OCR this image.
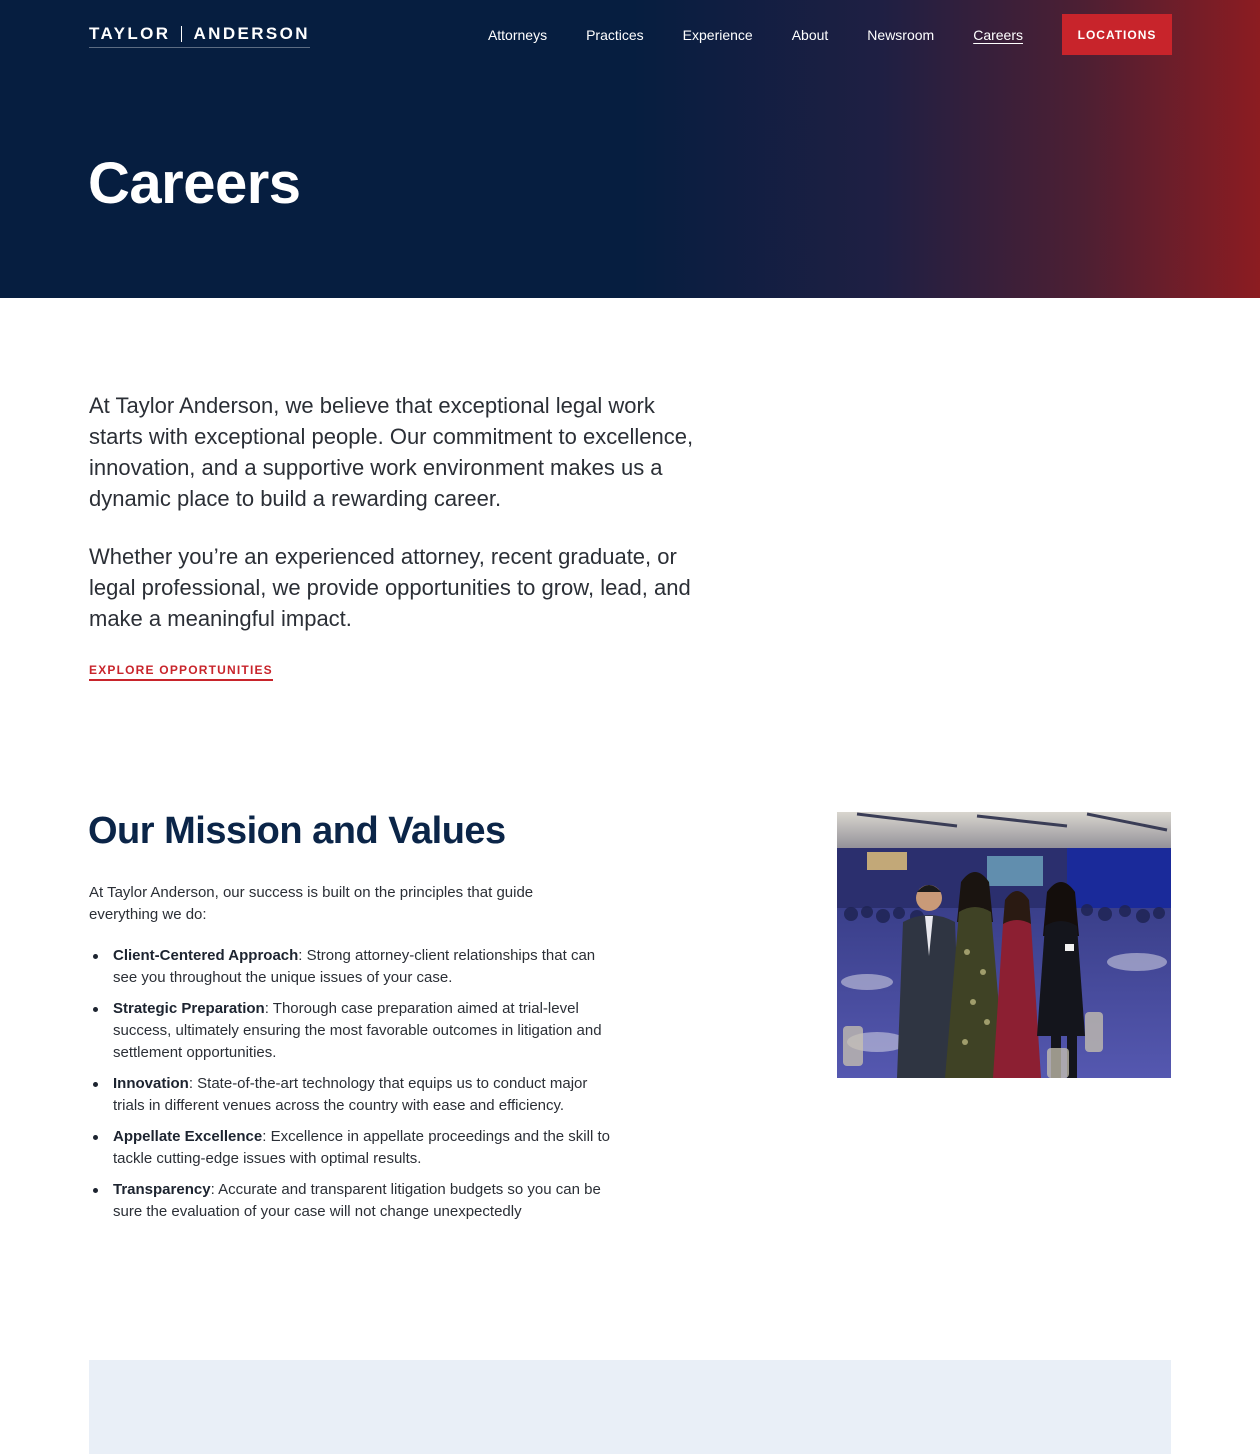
TAYLOR ANDERSON	Attorneys	Practices	Experience	About	Newsroom	Careers	LOCATIONS
Careers

At Taylor Anderson, we believe that exceptional legal work starts with exceptional people. Our commitment to excellence, innovation, and a supportive work environment makes us a dynamic place to build a rewarding career.

Whether you’re an experienced attorney, recent graduate, or legal professional, we provide opportunities to grow, lead, and make a meaningful impact.

EXPLORE OPPORTUNITIES
Our Mission and Values

At Taylor Anderson, our success is built on the principles that guide everything we do:

Client-Centered Approach: Strong attorney-client relationships that can see you throughout the unique issues of your case.
Strategic Preparation: Thorough case preparation aimed at trial-level success, ultimately ensuring the most favorable outcomes in litigation and settlement opportunities.
Innovation: State-of-the-art technology that equips us to conduct major trials in different venues across the country with ease and efficiency.
Appellate Excellence: Excellence in appellate proceedings and the skill to tackle cutting-edge issues with optimal results.
Transparency: Accurate and transparent litigation budgets so you can be sure the evaluation of your case will not change unexpectedly
